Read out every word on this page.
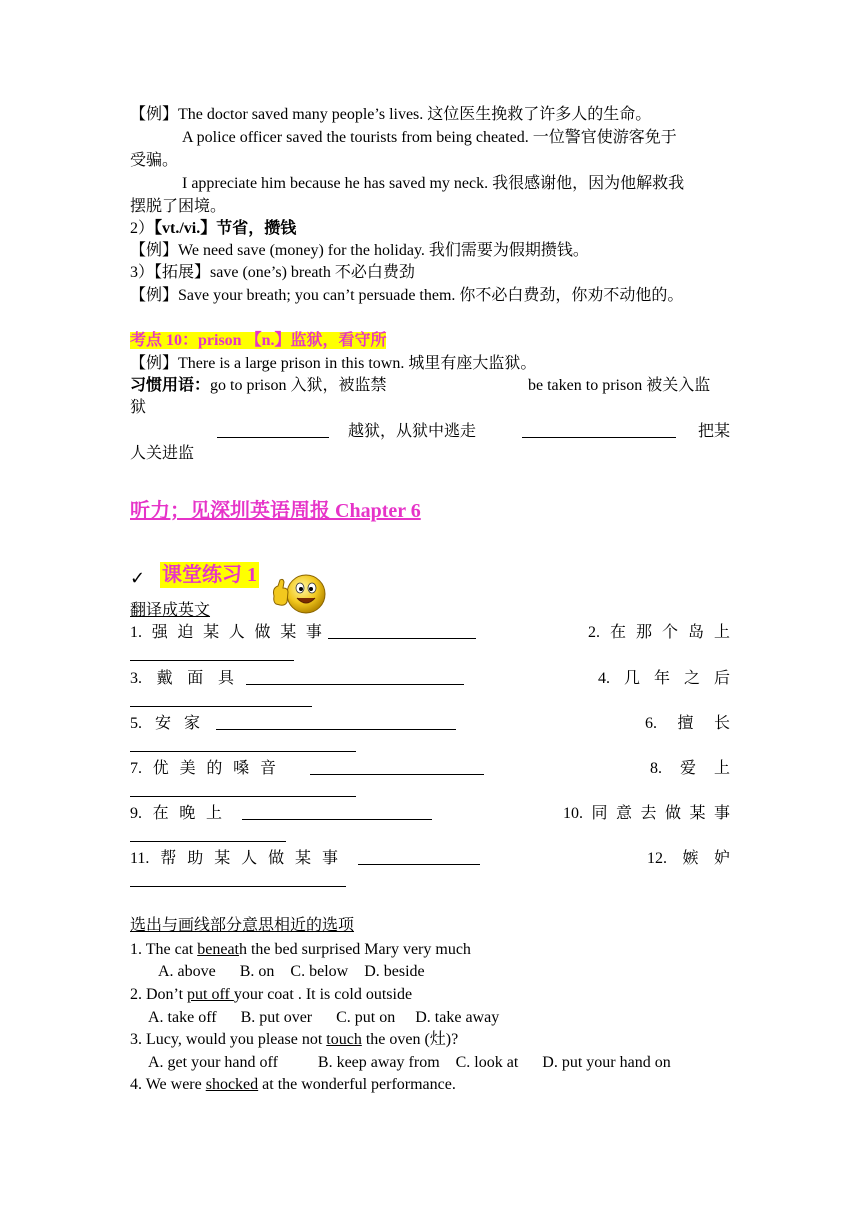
【例】The doctor saved many people’s lives. 这位医生挽救了许多人的生命。
A police officer saved the tourists from being cheated. 一位警官使游客免于
受骗。
I appreciate him because he has saved my neck. 我很感谢他，因为他解救我
摆脱了困境。
2）【vt./vi.】节省，攒钱
【例】We need save (money) for the holiday. 我们需要为假期攒钱。
3）【拓展】save (one’s) breath 不必白费劲
【例】Save your breath; you can’t persuade them. 你不必白费劲，你劝不动他的。
考点 10：prison 【n.】监狱，看守所
【例】There is a large prison in this town. 城里有座大监狱。
习惯用语：go to prison 入狱，被监禁	be taken to prison 被关入监
狱
越狱，从狱中逃走	把某
人关进监
听力；见深圳英语周报 Chapter 6
✓ 课堂练习 1
翻译成英文
1. 强 迫 某 人 做 某 事	2. 在 那 个 岛 上
3. 戴 面 具	4. 几 年 之 后
5. 安 家	6. 擅 长
7. 优 美 的 嗓 音	8. 爱 上
9. 在 晚 上	10. 同 意 去 做 某 事
11. 帮 助 某 人 做 某 事	12. 嫉 妒
选出与画线部分意思相近的选项
1. The cat beneath the bed surprised Mary very much
A. above      B. on    C. below    D. beside
2. Don’t put off your coat . It is cold outside
A. take off      B. put over      C. put on     D. take away
3. Lucy, would you please not touch the oven (灶)?
A. get your hand off          B. keep away from    C. look at      D. put your hand on
4. We were shocked at the wonderful performance.
